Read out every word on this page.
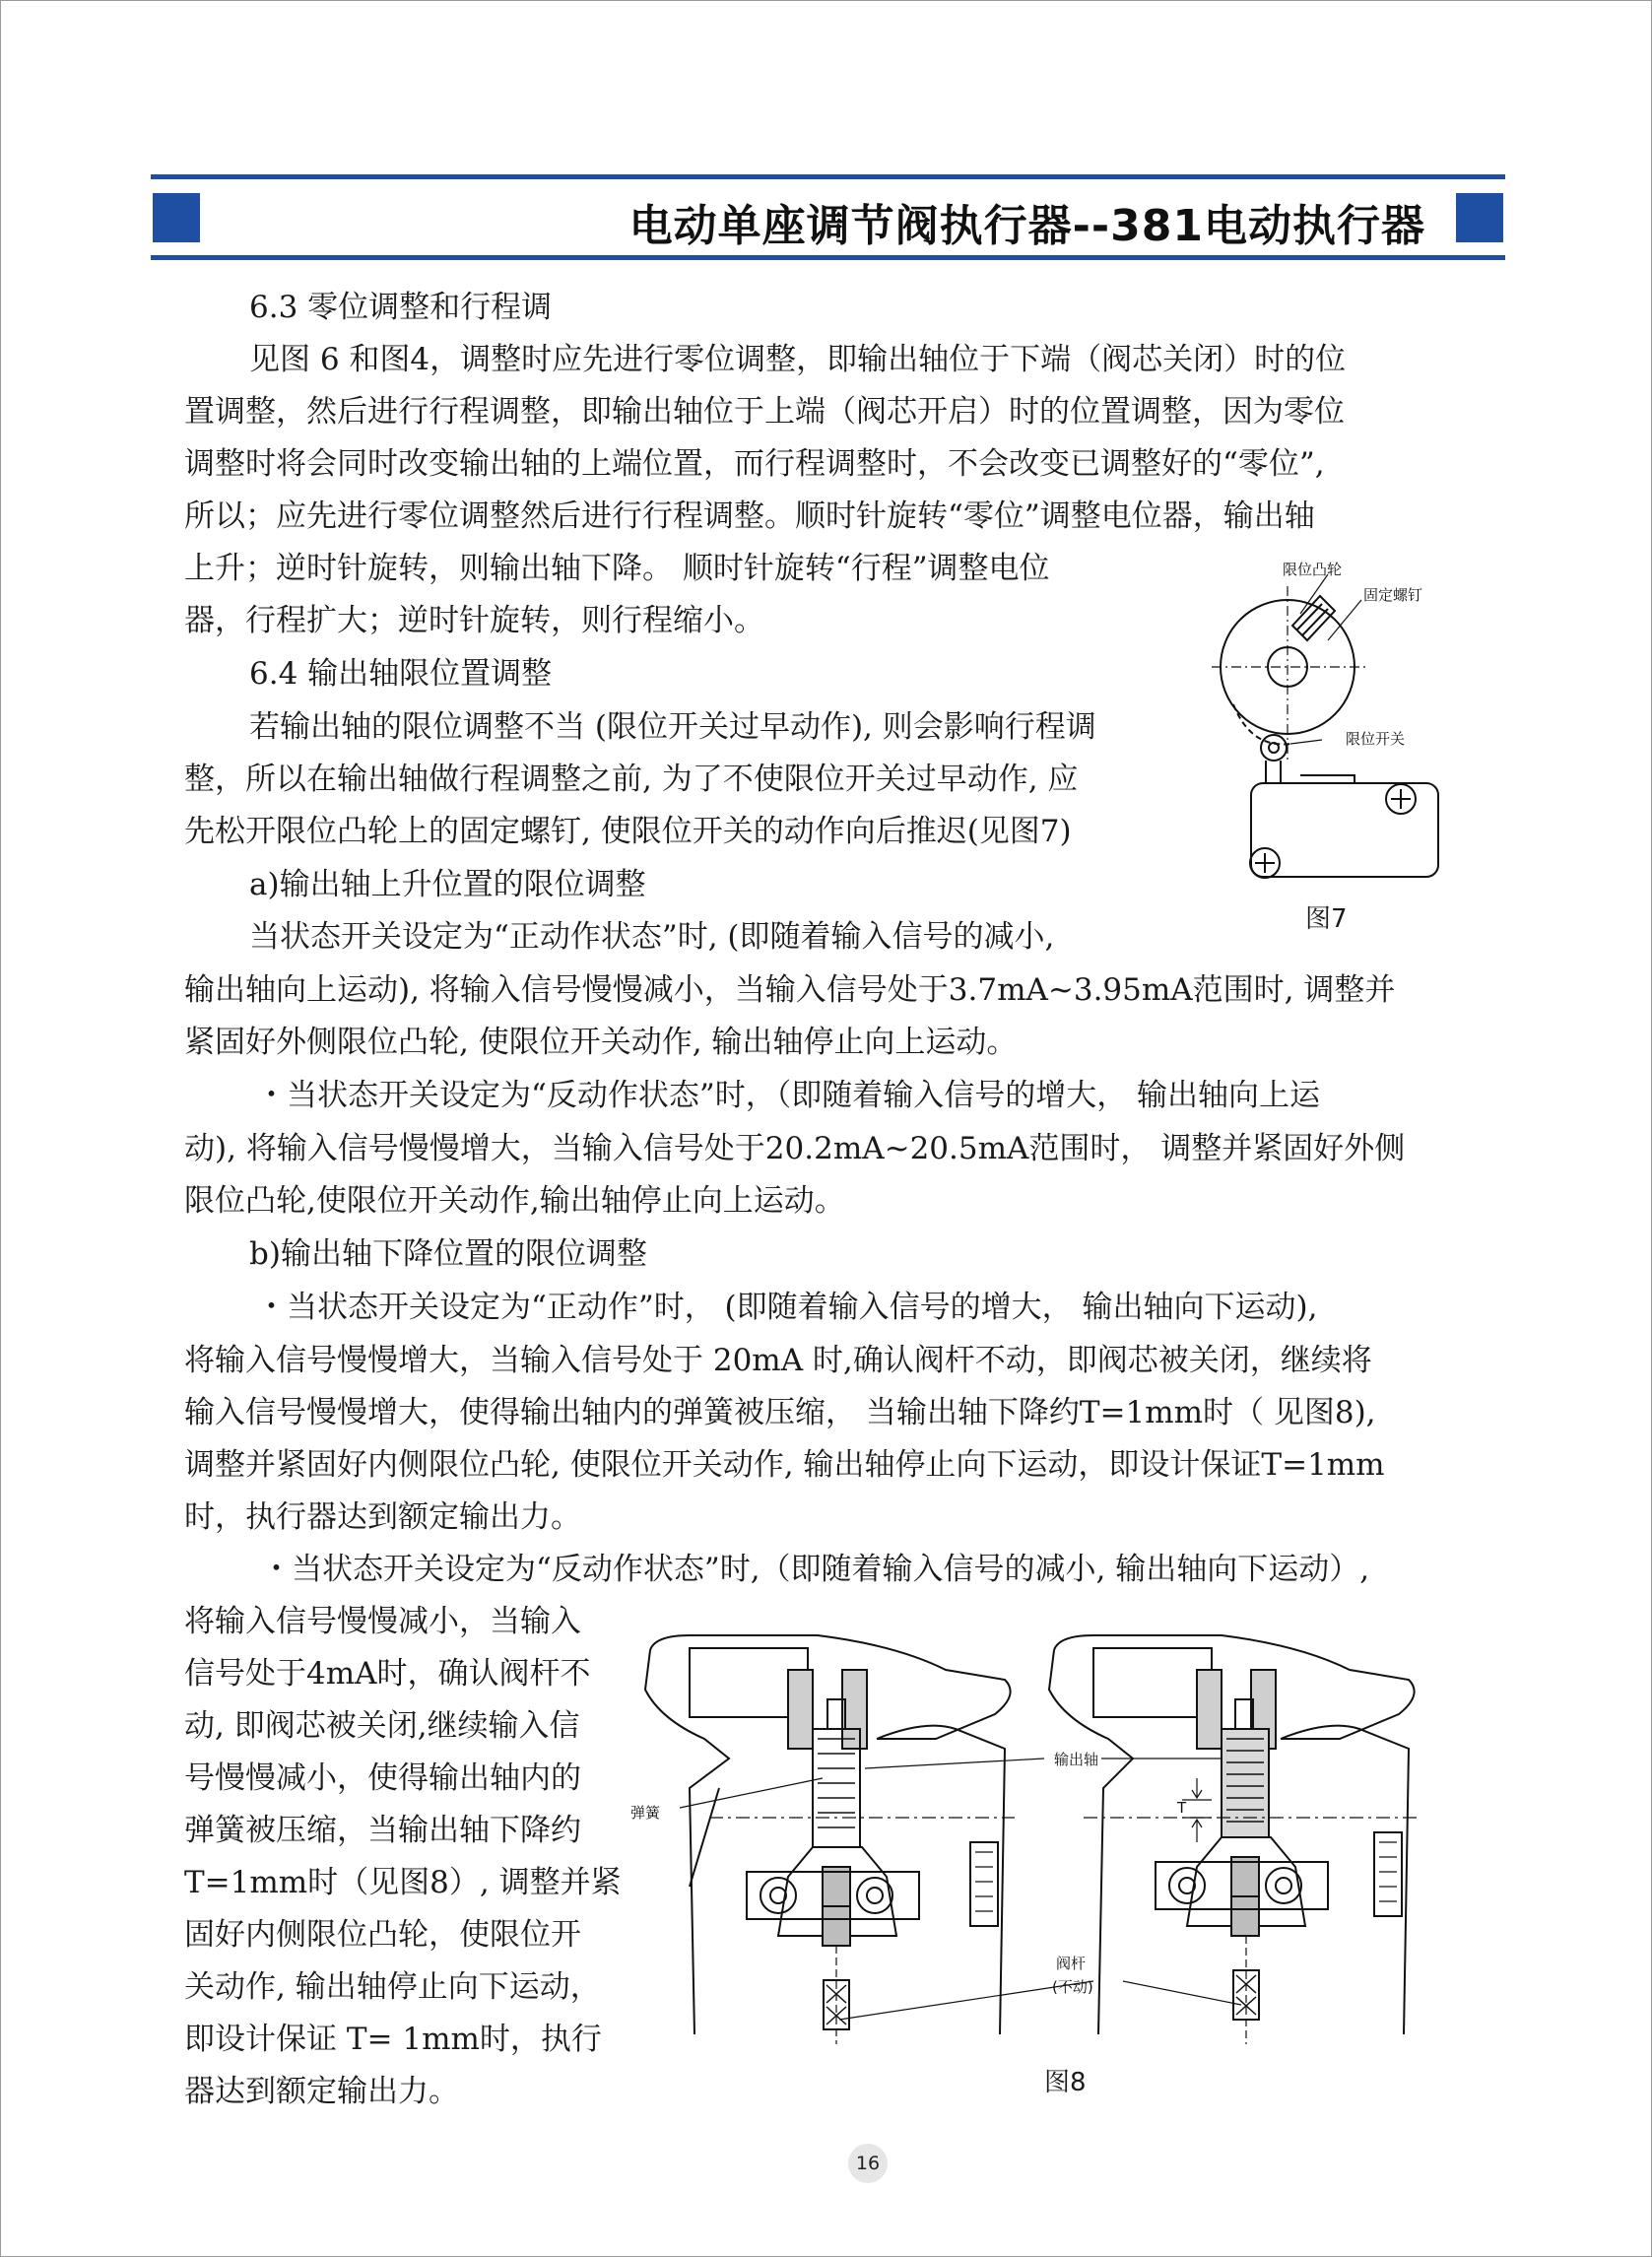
电动单座调节阀执行器--381电动执行器
6.3 零位调整和行程调
见图 6 和图4，调整时应先进行零位调整，即输出轴位于下端（阀芯关闭）时的位
置调整，然后进行行程调整，即输出轴位于上端（阀芯开启）时的位置调整，因为零位
调整时将会同时改变输出轴的上端位置，而行程调整时，不会改变已调整好的“零位”,
所以；应先进行零位调整然后进行行程调整。顺时针旋转“零位”调整电位器，输出轴
上升；逆时针旋转，则输出轴下降。 顺时针旋转“行程”调整电位
器，行程扩大；逆时针旋转，则行程缩小。
6.4 输出轴限位置调整
若输出轴的限位调整不当 (限位开关过早动作), 则会影响行程调
整，所以在输出轴做行程调整之前, 为了不使限位开关过早动作, 应
先松开限位凸轮上的固定螺钉, 使限位开关的动作向后推迟(见图7)
a)输出轴上升位置的限位调整
当状态开关设定为“正动作状态”时, (即随着输入信号的减小,
输出轴向上运动), 将输入信号慢慢减小，当输入信号处于3.7mA~3.95mA范围时, 调整并
紧固好外侧限位凸轮, 使限位开关动作, 输出轴停止向上运动。
・当状态开关设定为“反动作状态”时，（即随着输入信号的增大， 输出轴向上运
动), 将输入信号慢慢增大，当输入信号处于20.2mA~20.5mA范围时， 调整并紧固好外侧
限位凸轮,使限位开关动作,输出轴停止向上运动。
b)输出轴下降位置的限位调整
・当状态开关设定为“正动作”时， (即随着输入信号的增大， 输出轴向下运动),
将输入信号慢慢增大，当输入信号处于 20mA 时,确认阀杆不动，即阀芯被关闭，继续将
输入信号慢慢增大，使得输出轴内的弹簧被压缩， 当输出轴下降约T=1mm时（ 见图8),
调整并紧固好内侧限位凸轮, 使限位开关动作, 输出轴停止向下运动，即设计保证T=1mm
时，执行器达到额定输出力。
・当状态开关设定为“反动作状态”时,（即随着输入信号的减小, 输出轴向下运动）,
将输入信号慢慢减小，当输入
信号处于4mA时，确认阀杆不
动, 即阀芯被关闭,继续输入信
号慢慢减小，使得输出轴内的
弹簧被压缩，当输出轴下降约
T=1mm时（见图8）, 调整并紧
固好内侧限位凸轮，使限位开
关动作, 输出轴停止向下运动，
即设计保证 T= 1mm时，执行
器达到额定输出力。
限位凸轮
固定螺钉
限位开关
图7
弹簧
输出轴
阀杆
(不动)
T
图8
16
